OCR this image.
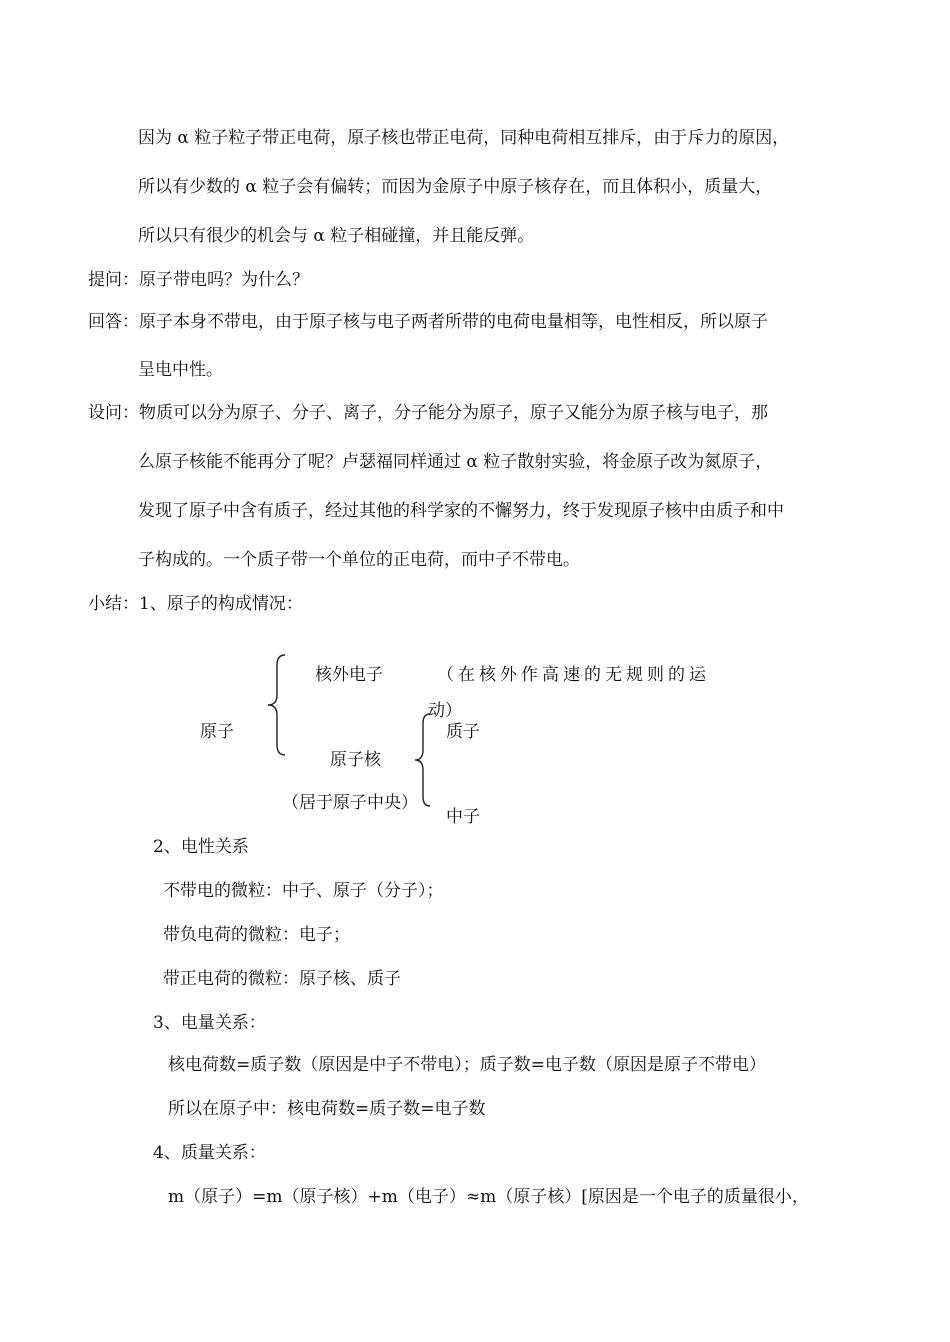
因为 α 粒子粒子带正电荷，原子核也带正电荷，同种电荷相互排斥，由于斥力的原因，
所以有少数的 α 粒子会有偏转；而因为金原子中原子核存在，而且体积小，质量大，
所以只有很少的机会与 α 粒子相碰撞，并且能反弹。
提问：原子带电吗？为什么？
回答：原子本身不带电，由于原子核与电子两者所带的电荷电量相等，电性相反，所以原子
呈电中性。
设问：物质可以分为原子、分子、离子，分子能分为原子，原子又能分为原子核与电子，那
么原子核能不能再分了呢？卢瑟福同样通过 α 粒子散射实验，将金原子改为氮原子，
发现了原子中含有质子，经过其他的科学家的不懈努力，终于发现原子核中由质子和中
子构成的。一个质子带一个单位的正电荷，而中子不带电。
小结：1、原子的构成情况：
原子
核外电子	（在核外作高速的无规则的运
动）
原子核
（居于原子中央）
质子
中子
2、电性关系
不带电的微粒：中子、原子（分子）；
带负电荷的微粒：电子；
带正电荷的微粒：原子核、质子
3、电量关系：
核电荷数=质子数（原因是中子不带电）；质子数=电子数（原因是原子不带电）
所以在原子中：核电荷数=质子数=电子数
4、质量关系：
m（原子）=m（原子核）+m（电子）≈m（原子核）[原因是一个电子的质量很小，
